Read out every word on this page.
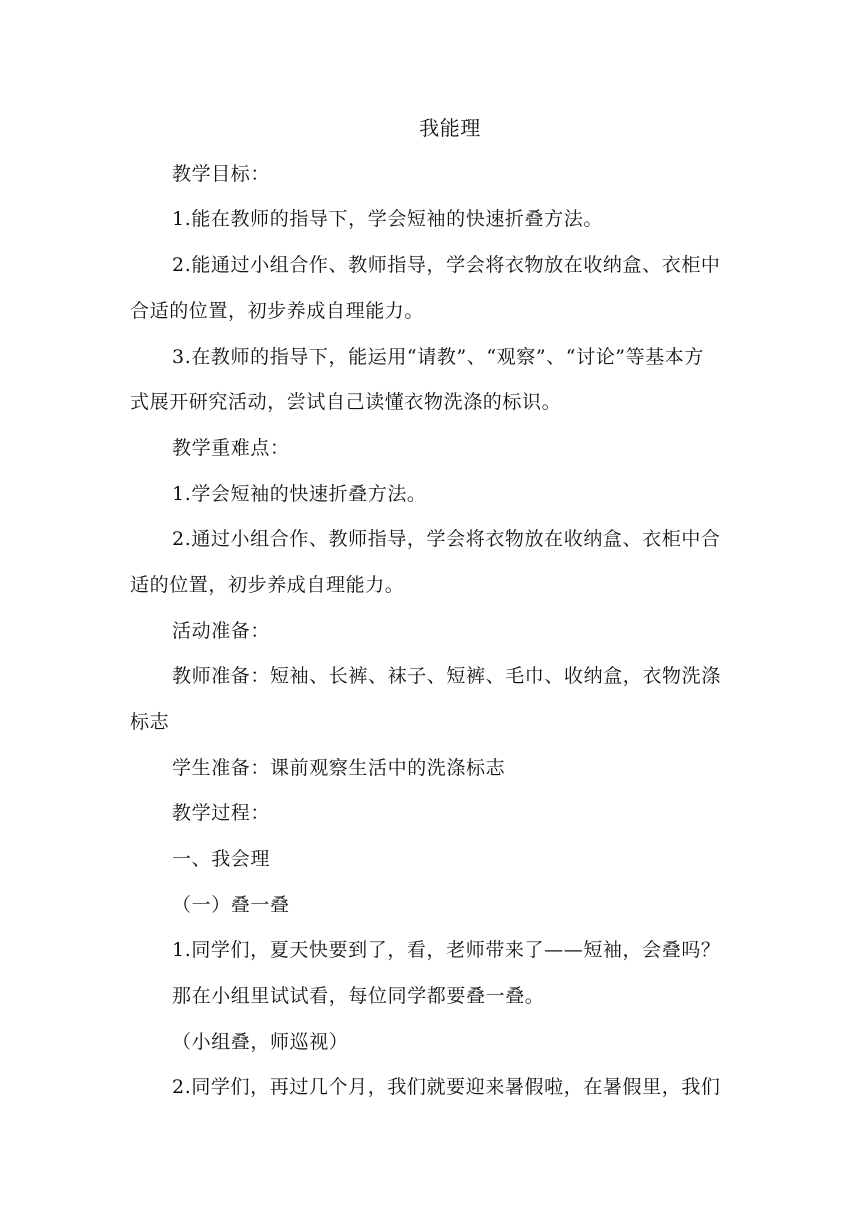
我能理
教学目标：
1.能在教师的指导下，学会短袖的快速折叠方法。
2.能通过小组合作、教师指导，学会将衣物放在收纳盒、衣柜中
合适的位置，初步养成自理能力。
3.在教师的指导下，能运用“请教”、“观察”、“讨论”等基本方
式展开研究活动，尝试自己读懂衣物洗涤的标识。
教学重难点：
1.学会短袖的快速折叠方法。
2.通过小组合作、教师指导，学会将衣物放在收纳盒、衣柜中合
适的位置，初步养成自理能力。
活动准备：
教师准备：短袖、长裤、袜子、短裤、毛巾、收纳盒，衣物洗涤
标志
学生准备：课前观察生活中的洗涤标志
教学过程：
一、我会理
（一）叠一叠
1.同学们，夏天快要到了，看，老师带来了——短袖，会叠吗？
那在小组里试试看，每位同学都要叠一叠。
（小组叠，师巡视）
2.同学们，再过几个月，我们就要迎来暑假啦，在暑假里，我们
